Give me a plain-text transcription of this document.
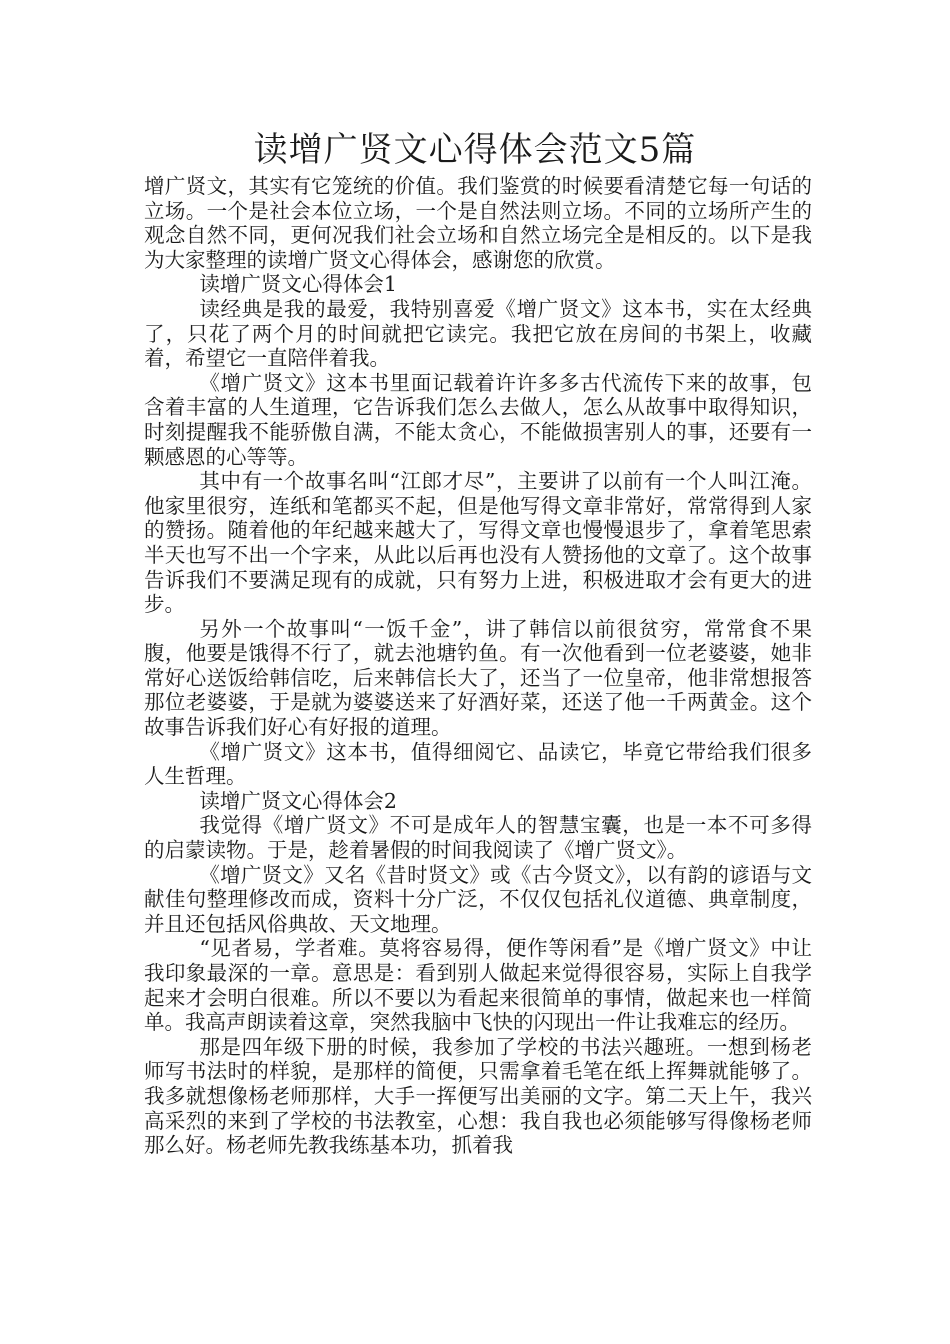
读增广贤文心得体会范文5篇

增广贤文，其实有它笼统的价值。我们鉴赏的时候要看清楚它每一句话的立场。一个是社会本位立场，一个是自然法则立场。不同的立场所产生的观念自然不同，更何况我们社会立场和自然立场完全是相反的。以下是我为大家整理的读增广贤文心得体会，感谢您的欣赏。

读增广贤文心得体会1

读经典是我的最爱，我特别喜爱《增广贤文》这本书，实在太经典了，只花了两个月的时间就把它读完。我把它放在房间的书架上，收藏着，希望它一直陪伴着我。

《增广贤文》这本书里面记载着许许多多古代流传下来的故事，包含着丰富的人生道理，它告诉我们怎么去做人，怎么从故事中取得知识，时刻提醒我不能骄傲自满，不能太贪心，不能做损害别人的事，还要有一颗感恩的心等等。

其中有一个故事名叫“江郎才尽”，主要讲了以前有一个人叫江淹。他家里很穷，连纸和笔都买不起，但是他写得文章非常好，常常得到人家的赞扬。随着他的年纪越来越大了，写得文章也慢慢退步了，拿着笔思索半天也写不出一个字来，从此以后再也没有人赞扬他的文章了。这个故事告诉我们不要满足现有的成就，只有努力上进，积极进取才会有更大的进步。

另外一个故事叫“一饭千金”，讲了韩信以前很贫穷，常常食不果腹，他要是饿得不行了，就去池塘钓鱼。有一次他看到一位老婆婆，她非常好心送饭给韩信吃，后来韩信长大了，还当了一位皇帝，他非常想报答那位老婆婆，于是就为婆婆送来了好酒好菜，还送了他一千两黄金。这个故事告诉我们好心有好报的道理。

《增广贤文》这本书，值得细阅它、品读它，毕竟它带给我们很多人生哲理。

读增广贤文心得体会2

我觉得《增广贤文》不可是成年人的智慧宝囊，也是一本不可多得的启蒙读物。于是，趁着暑假的时间我阅读了《增广贤文》。

《增广贤文》又名《昔时贤文》或《古今贤文》，以有韵的谚语与文献佳句整理修改而成，资料十分广泛，不仅仅包括礼仪道德、典章制度，并且还包括风俗典故、天文地理。

“见者易，学者难。莫将容易得，便作等闲看”是《增广贤文》中让我印象最深的一章。意思是：看到别人做起来觉得很容易，实际上自我学起来才会明白很难。所以不要以为看起来很简单的事情，做起来也一样简单。我高声朗读着这章，突然我脑中飞快的闪现出一件让我难忘的经历。

那是四年级下册的时候，我参加了学校的书法兴趣班。一想到杨老师写书法时的样貌，是那样的简便，只需拿着毛笔在纸上挥舞就能够了。我多就想像杨老师那样，大手一挥便写出美丽的文字。第二天上午，我兴高采烈的来到了学校的书法教室，心想：我自我也必须能够写得像杨老师那么好。杨老师先教我练基本功，抓着我
